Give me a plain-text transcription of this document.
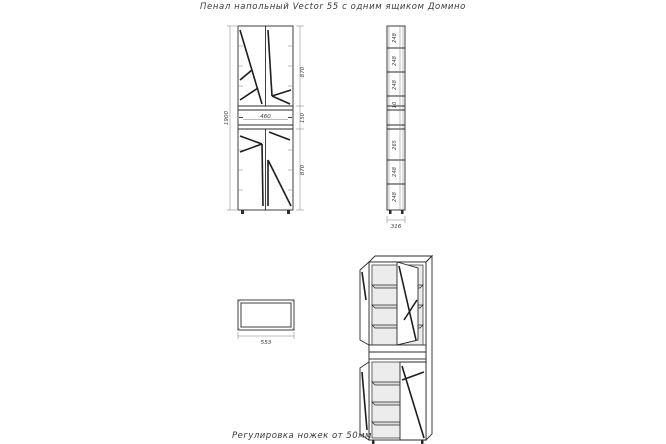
Пенал напольный Vector 55 с одним ящиком Домино
460
1900
870
150
870
248
248
248
10
265
248
248
316
553
Регулировка ножек от 50мм
